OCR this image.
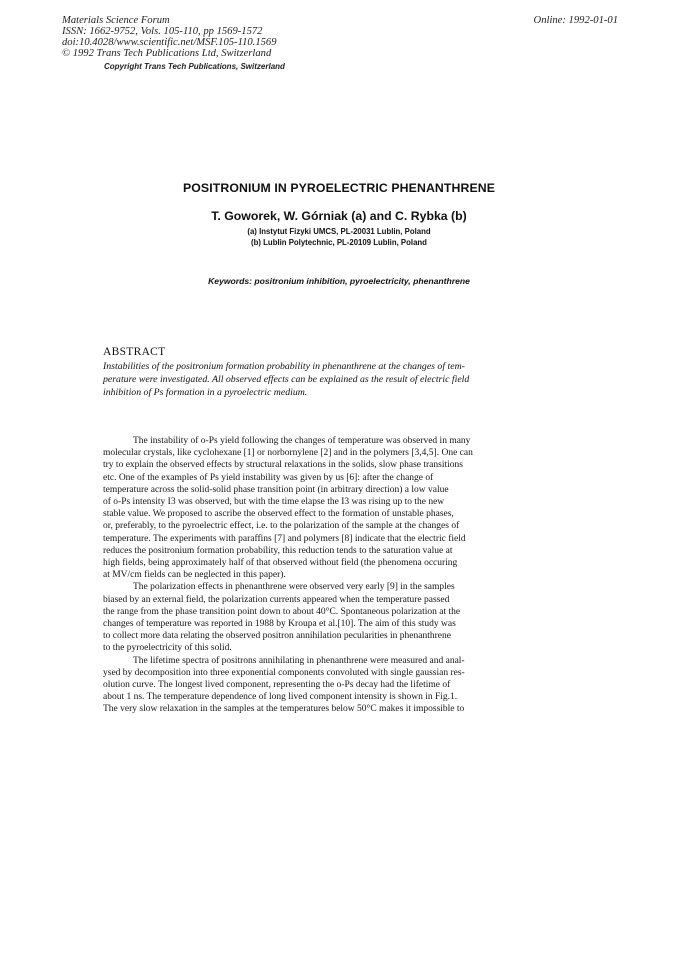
Materials Science Forum
ISSN: 1662-9752, Vols. 105-110, pp 1569-1572
doi:10.4028/www.scientific.net/MSF.105-110.1569
© 1992 Trans Tech Publications Ltd, Switzerland
Online: 1992-01-01
Copyright Trans Tech Publications, Switzerland
POSITRONIUM IN PYROELECTRIC PHENANTHRENE
T. Goworek, W. Górniak (a) and C. Rybka (b)
(a) Instytut Fizyki UMCS, PL-20031 Lublin, Poland
(b) Lublin Polytechnic, PL-20109 Lublin, Poland
Keywords: positronium inhibition, pyroelectricity, phenanthrene
ABSTRACT
Instabilities of the positronium formation probability in phenanthrene at the changes of tem-
perature were investigated. All observed effects can be explained as the result of electric field
inhibition of Ps formation in a pyroelectric medium.
The instability of o-Ps yield following the changes of temperature was observed in many
molecular crystals, like cyclohexane [1] or norbornylene [2] and in the polymers [3,4,5]. One can
try to explain the observed effects by structural relaxations in the solids, slow phase transitions
etc. One of the examples of Ps yield instability was given by us [6]: after the change of
temperature across the solid-solid phase transition point (in arbitrary direction) a low value
of o-Ps intensity I3 was observed, but with the time elapse the I3 was rising up to the new
stable value. We proposed to ascribe the observed effect to the formation of unstable phases,
or, preferably, to the pyroelectric effect, i.e. to the polarization of the sample at the changes of
temperature. The experiments with paraffins [7] and polymers [8] indicate that the electric field
reduces the positronium formation probability, this reduction tends to the saturation value at
high fields, being approximately half of that observed without field (the phenomena occuring
at MV/cm fields can be neglected in this paper).
The polarization effects in phenanthrene were observed very early [9] in the samples
biased by an external field, the polarization currents appeared when the temperature passed
the range from the phase transition point down to about 40°C. Spontaneous polarization at the
changes of temperature was reported in 1988 by Kroupa et al.[10]. The aim of this study was
to collect more data relating the observed positron annihilation pecularities in phenanthrene
to the pyroelectricity of this solid.
The lifetime spectra of positrons annihilating in phenanthrene were measured and anal-
ysed by decomposition into three exponential components convoluted with single gaussian res-
olution curve. The longest lived component, representing the o-Ps decay had the lifetime of
about 1 ns. The temperature dependence of long lived component intensity is shown in Fig.1.
The very slow relaxation in the samples at the temperatures below 50°C makes it impossible to
